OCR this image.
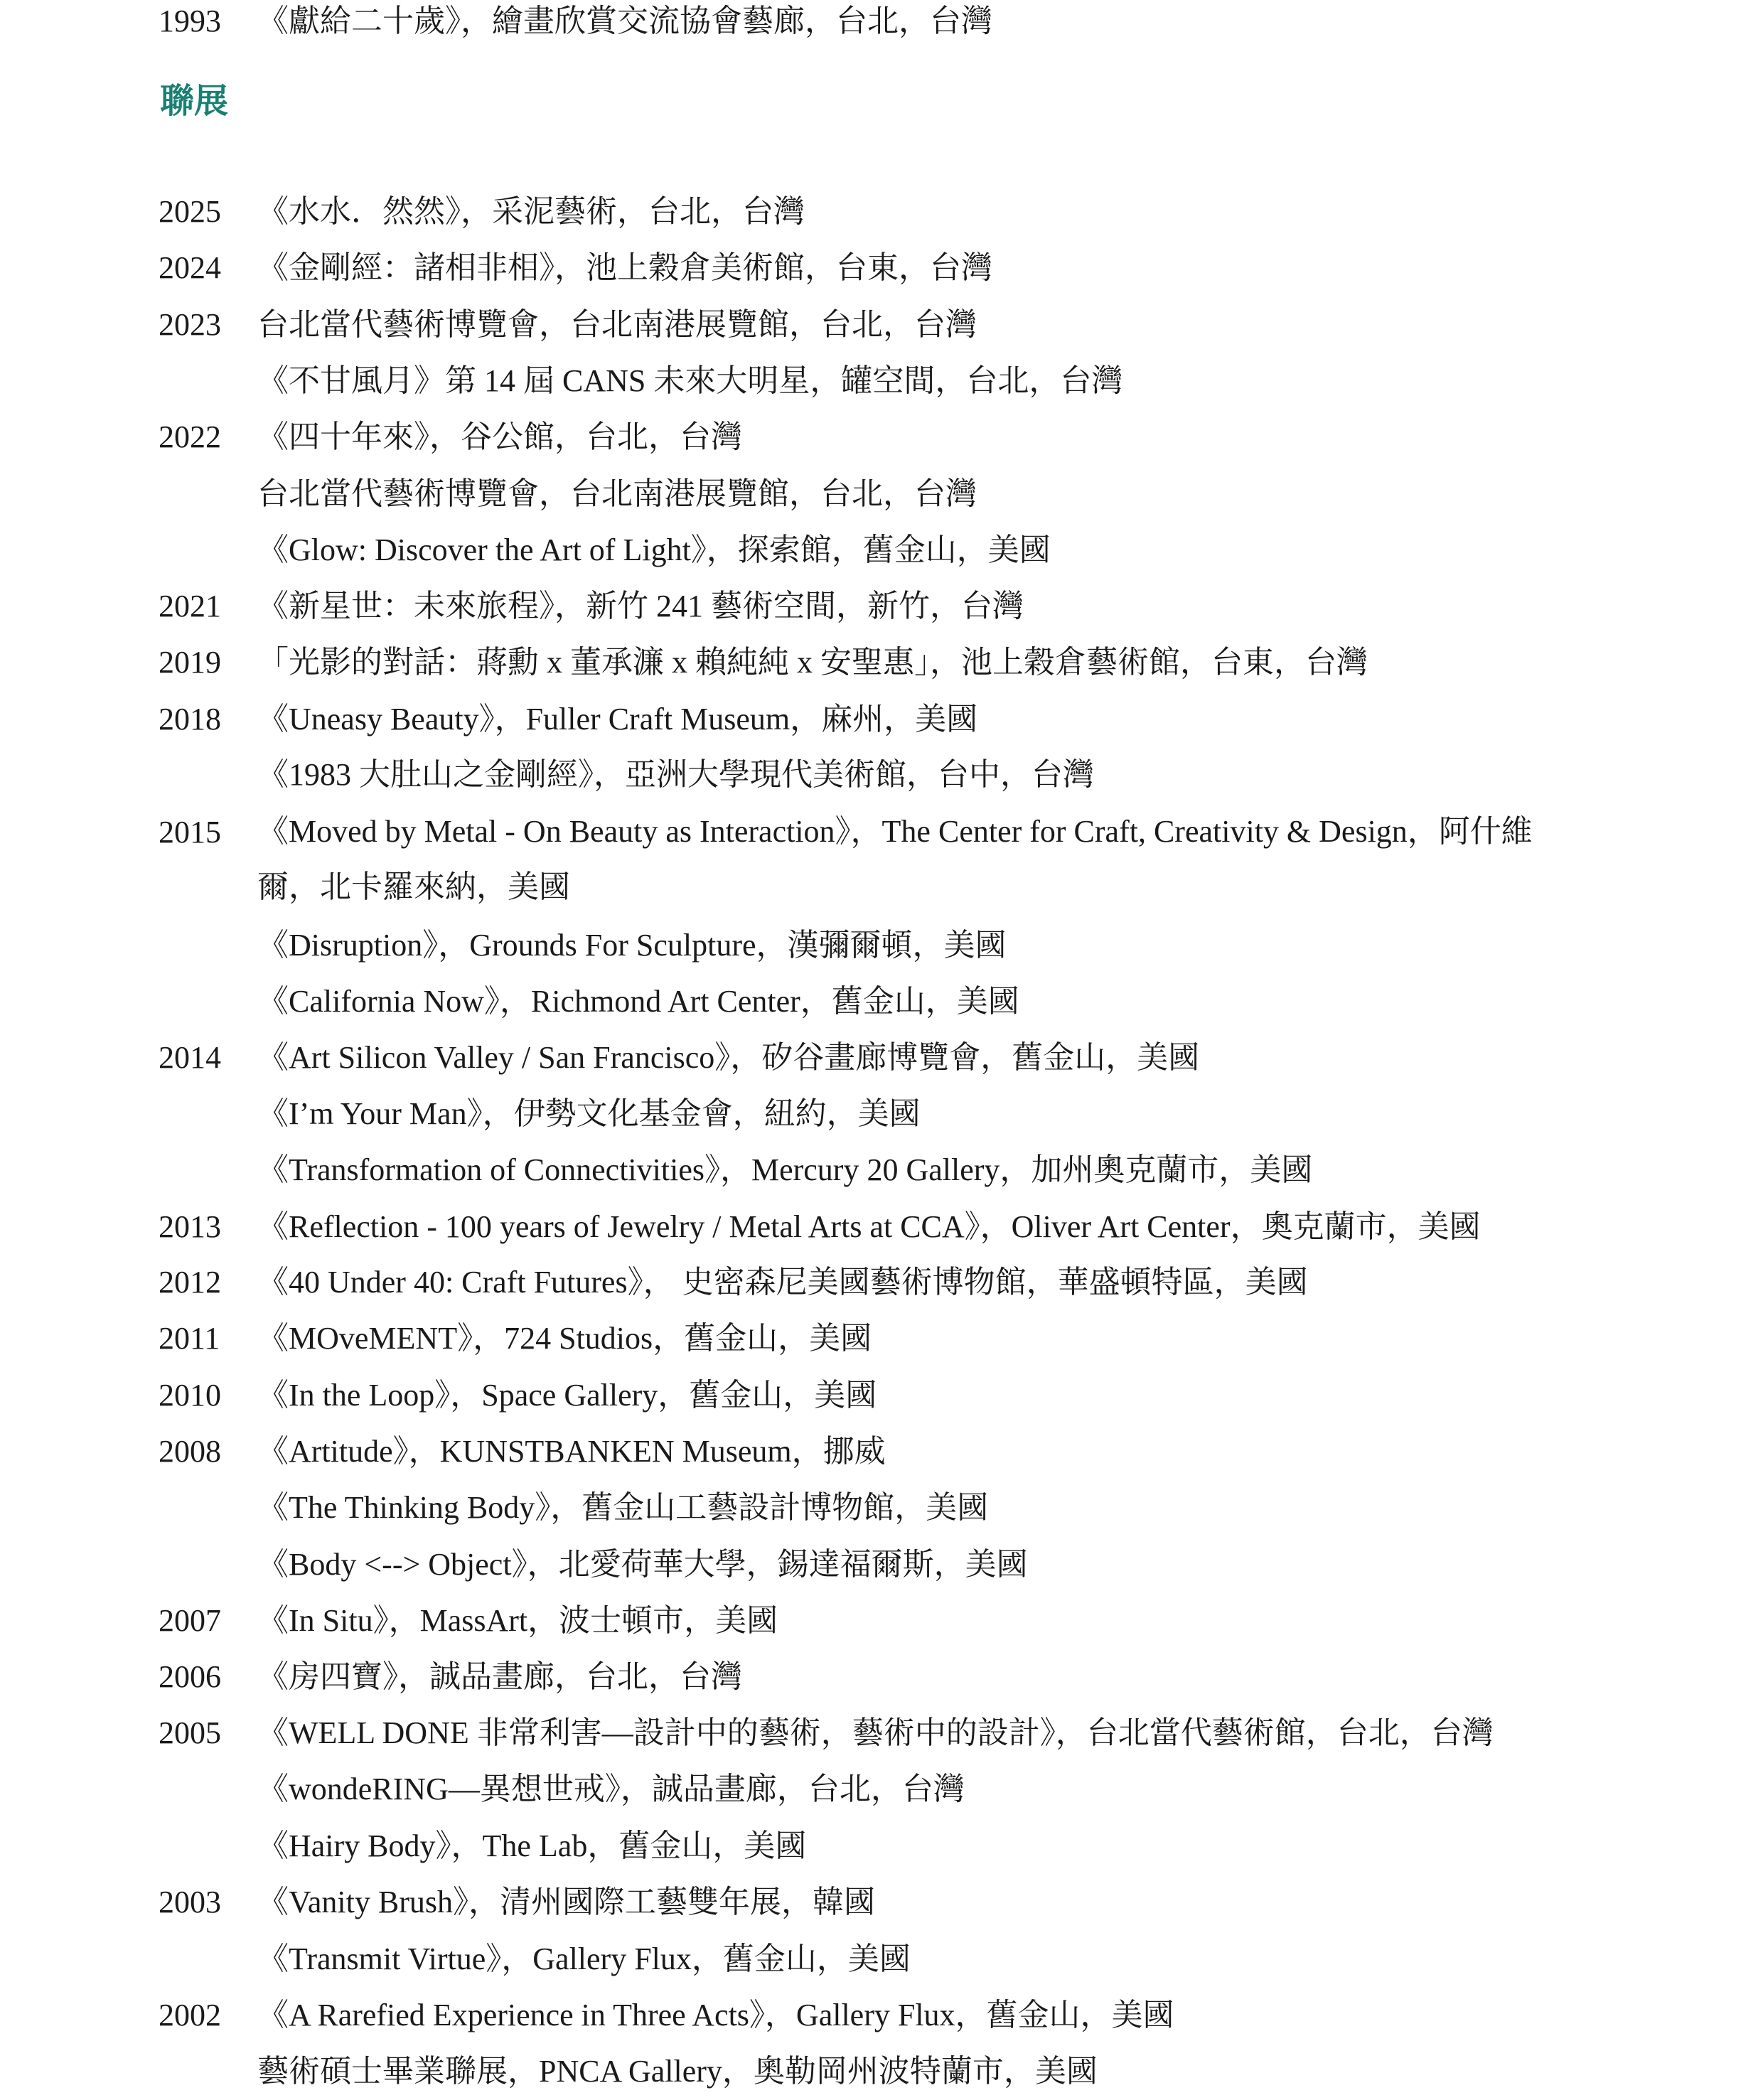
1993 《獻給二十歲》，繪畫欣賞交流協會藝廊，台北，台灣
聯展
2025 《水水．然然》，采泥藝術，台北，台灣
2024 《金剛經：諸相非相》，池上穀倉美術館，台東，台灣
2023 台北當代藝術博覽會，台北南港展覽館，台北，台灣
《不甘風月》第 14 屆 CANS 未來大明星，罐空間，台北，台灣
2022 《四十年來》，谷公館，台北，台灣
台北當代藝術博覽會，台北南港展覽館，台北，台灣
《Glow: Discover the Art of Light》，探索館，舊金山，美國
2021 《新星世：未來旅程》，新竹 241 藝術空間，新竹，台灣
2019 「光影的對話：蔣勳 x 董承濂 x 賴純純 x 安聖惠」，池上穀倉藝術館，台東，台灣
2018 《Uneasy Beauty》，Fuller Craft Museum，麻州，美國
《1983 大肚山之金剛經》，亞洲大學現代美術館，台中，台灣
2015 《Moved by Metal - On Beauty as Interaction》，The Center for Craft, Creativity & Design，阿什維爾，北卡羅來納，美國
《Disruption》，Grounds For Sculpture，漢彌爾頓，美國
《California Now》，Richmond Art Center，舊金山，美國
2014 《Art Silicon Valley / San Francisco》，矽谷畫廊博覽會，舊金山，美國
《I’m Your Man》，伊勢文化基金會，紐約，美國
《Transformation of Connectivities》，Mercury 20 Gallery，加州奧克蘭市，美國
2013 《Reflection - 100 years of Jewelry / Metal Arts at CCA》，Oliver Art Center，奧克蘭市，美國
2012 《40 Under 40: Craft Futures》， 史密森尼美國藝術博物館，華盛頓特區，美國
2011 《MOveMENT》，724 Studios，舊金山，美國
2010 《In the Loop》，Space Gallery，舊金山，美國
2008 《Artitude》，KUNSTBANKEN Museum，挪威
《The Thinking Body》，舊金山工藝設計博物館，美國
《Body <--> Object》，北愛荷華大學，錫達福爾斯，美國
2007 《In Situ》，MassArt，波士頓市，美國
2006 《房四寶》，誠品畫廊，台北，台灣
2005 《WELL DONE 非常利害—設計中的藝術，藝術中的設計》，台北當代藝術館，台北，台灣
《wondeRING—異想世戒》，誠品畫廊，台北，台灣
《Hairy Body》，The Lab，舊金山，美國
2003 《Vanity Brush》，清州國際工藝雙年展，韓國
《Transmit Virtue》，Gallery Flux，舊金山，美國
2002 《A Rarefied Experience in Three Acts》，Gallery Flux，舊金山，美國
藝術碩士畢業聯展，PNCA Gallery，奧勒岡州波特蘭市，美國
